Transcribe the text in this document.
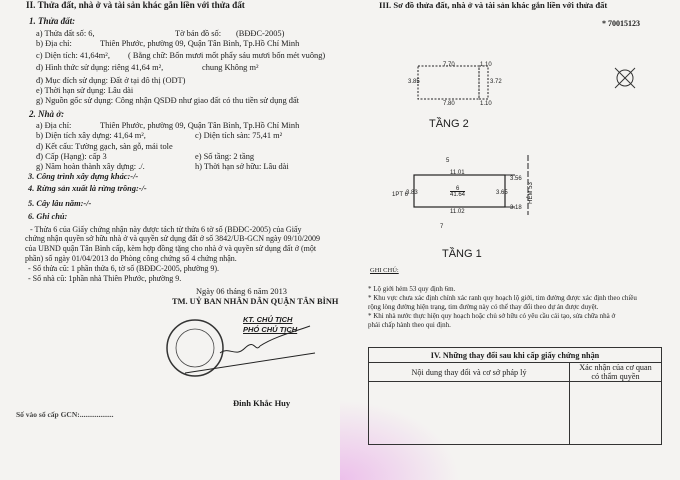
II. Thửa đất, nhà ở và tài sản khác gắn liền với thửa đất
1. Thửa đất:
a) Thửa đất số: 6,	Tờ bản đồ số: (BĐĐC-2005)
b) Địa chỉ:	Thiên Phước, phường 09, Quận Tân Bình, Tp.Hồ Chí Minh
c) Diện tích: 41,64m², ( Bằng chữ: Bốn mươi mốt phẩy sáu mươi bốn mét vuông)
d) Hình thức sử dụng: riêng 41,64 m²,	chung Không m²
đ) Mục đích sử dụng: Đất ở tại đô thị (ODT)
e) Thời hạn sử dụng: Lâu dài
g) Nguồn gốc sử dụng: Công nhận QSDĐ như giao đất có thu tiền sử dụng đất
2. Nhà ở:
a) Địa chỉ:	Thiên Phước, phường 09, Quận Tân Bình, Tp.Hồ Chí Minh
b) Diện tích xây dựng: 41,64 m²,	c) Diện tích sàn: 75,41 m²
d) Kết cấu: Tường gạch, sàn gỗ, mái tole
đ) Cấp (Hạng): cấp 3	e) Số tầng: 2 tầng
g) Năm hoàn thành xây dựng: ./.	h) Thời hạn sở hữu: Lâu dài
3. Công trình xây dựng khác:-/-
4. Rừng sản xuất là rừng trồng:-/-
5. Cây lâu năm:-/-
6. Ghi chú:
- Thửa 6 của Giấy chứng nhận này được tách từ thửa 6 tờ số (BĐĐC-2005) của Giấy
chứng nhận quyền sở hữu nhà ở và quyền sử dụng đất ở số 3842/UB-GCN ngày 09/10/2009
của UBND quận Tân Bình cấp, kèm hợp đồng tặng cho nhà ở và quyền sử dụng đất ở (một
phần) số ngày 01/04/2013 do Phòng công chứng số 4 chứng nhận.
- Số thửa cũ: 1 phần thửa 6, tờ số (BĐĐC-2005, phường 9).
- Số nhà cũ: 1phần nhà Thiên Phước, phường 9.
Ngày 06 tháng 6 năm 2013
TM. UỶ BAN NHÂN DÂN QUẬN TÂN BÌNH
KT. CHỦ TỊCH
PHÓ CHỦ TỊCH
Đinh Khắc Huy
Số vào sổ cấp GCN:..................
III. Sơ đồ thửa đất, nhà ở và tài sản khác gắn liền với thửa đất
* 70015123
7.70	1.10
7.80	1.10
3.85	3.72
TẦNG 2
5
11.01
11.02
1PT 6
3.83	3.65
6
41.64
3.56
3.18
HẺM 53
7
TẦNG 1
GHI CHÚ:
* Lộ giới hẻm 53 quy định 6m.
* Khu vực chưa xác định chính xác ranh quy hoạch lộ giới, tim đường được xác định theo chiều
rộng lòng đường hiện trạng, tim đường này có thể thay đổi theo dự án được duyệt.
* Khi nhà nước thực hiện quy hoạch hoặc chủ sở hữu có yêu cầu cải tạo, sửa chữa nhà ở
phải chấp hành theo qui định.
IV. Những thay đổi sau khi cấp giấy chứng nhận	
Nội dung thay đổi và cơ sở pháp lý	Xác nhận của cơ quan có thẩm quyền
